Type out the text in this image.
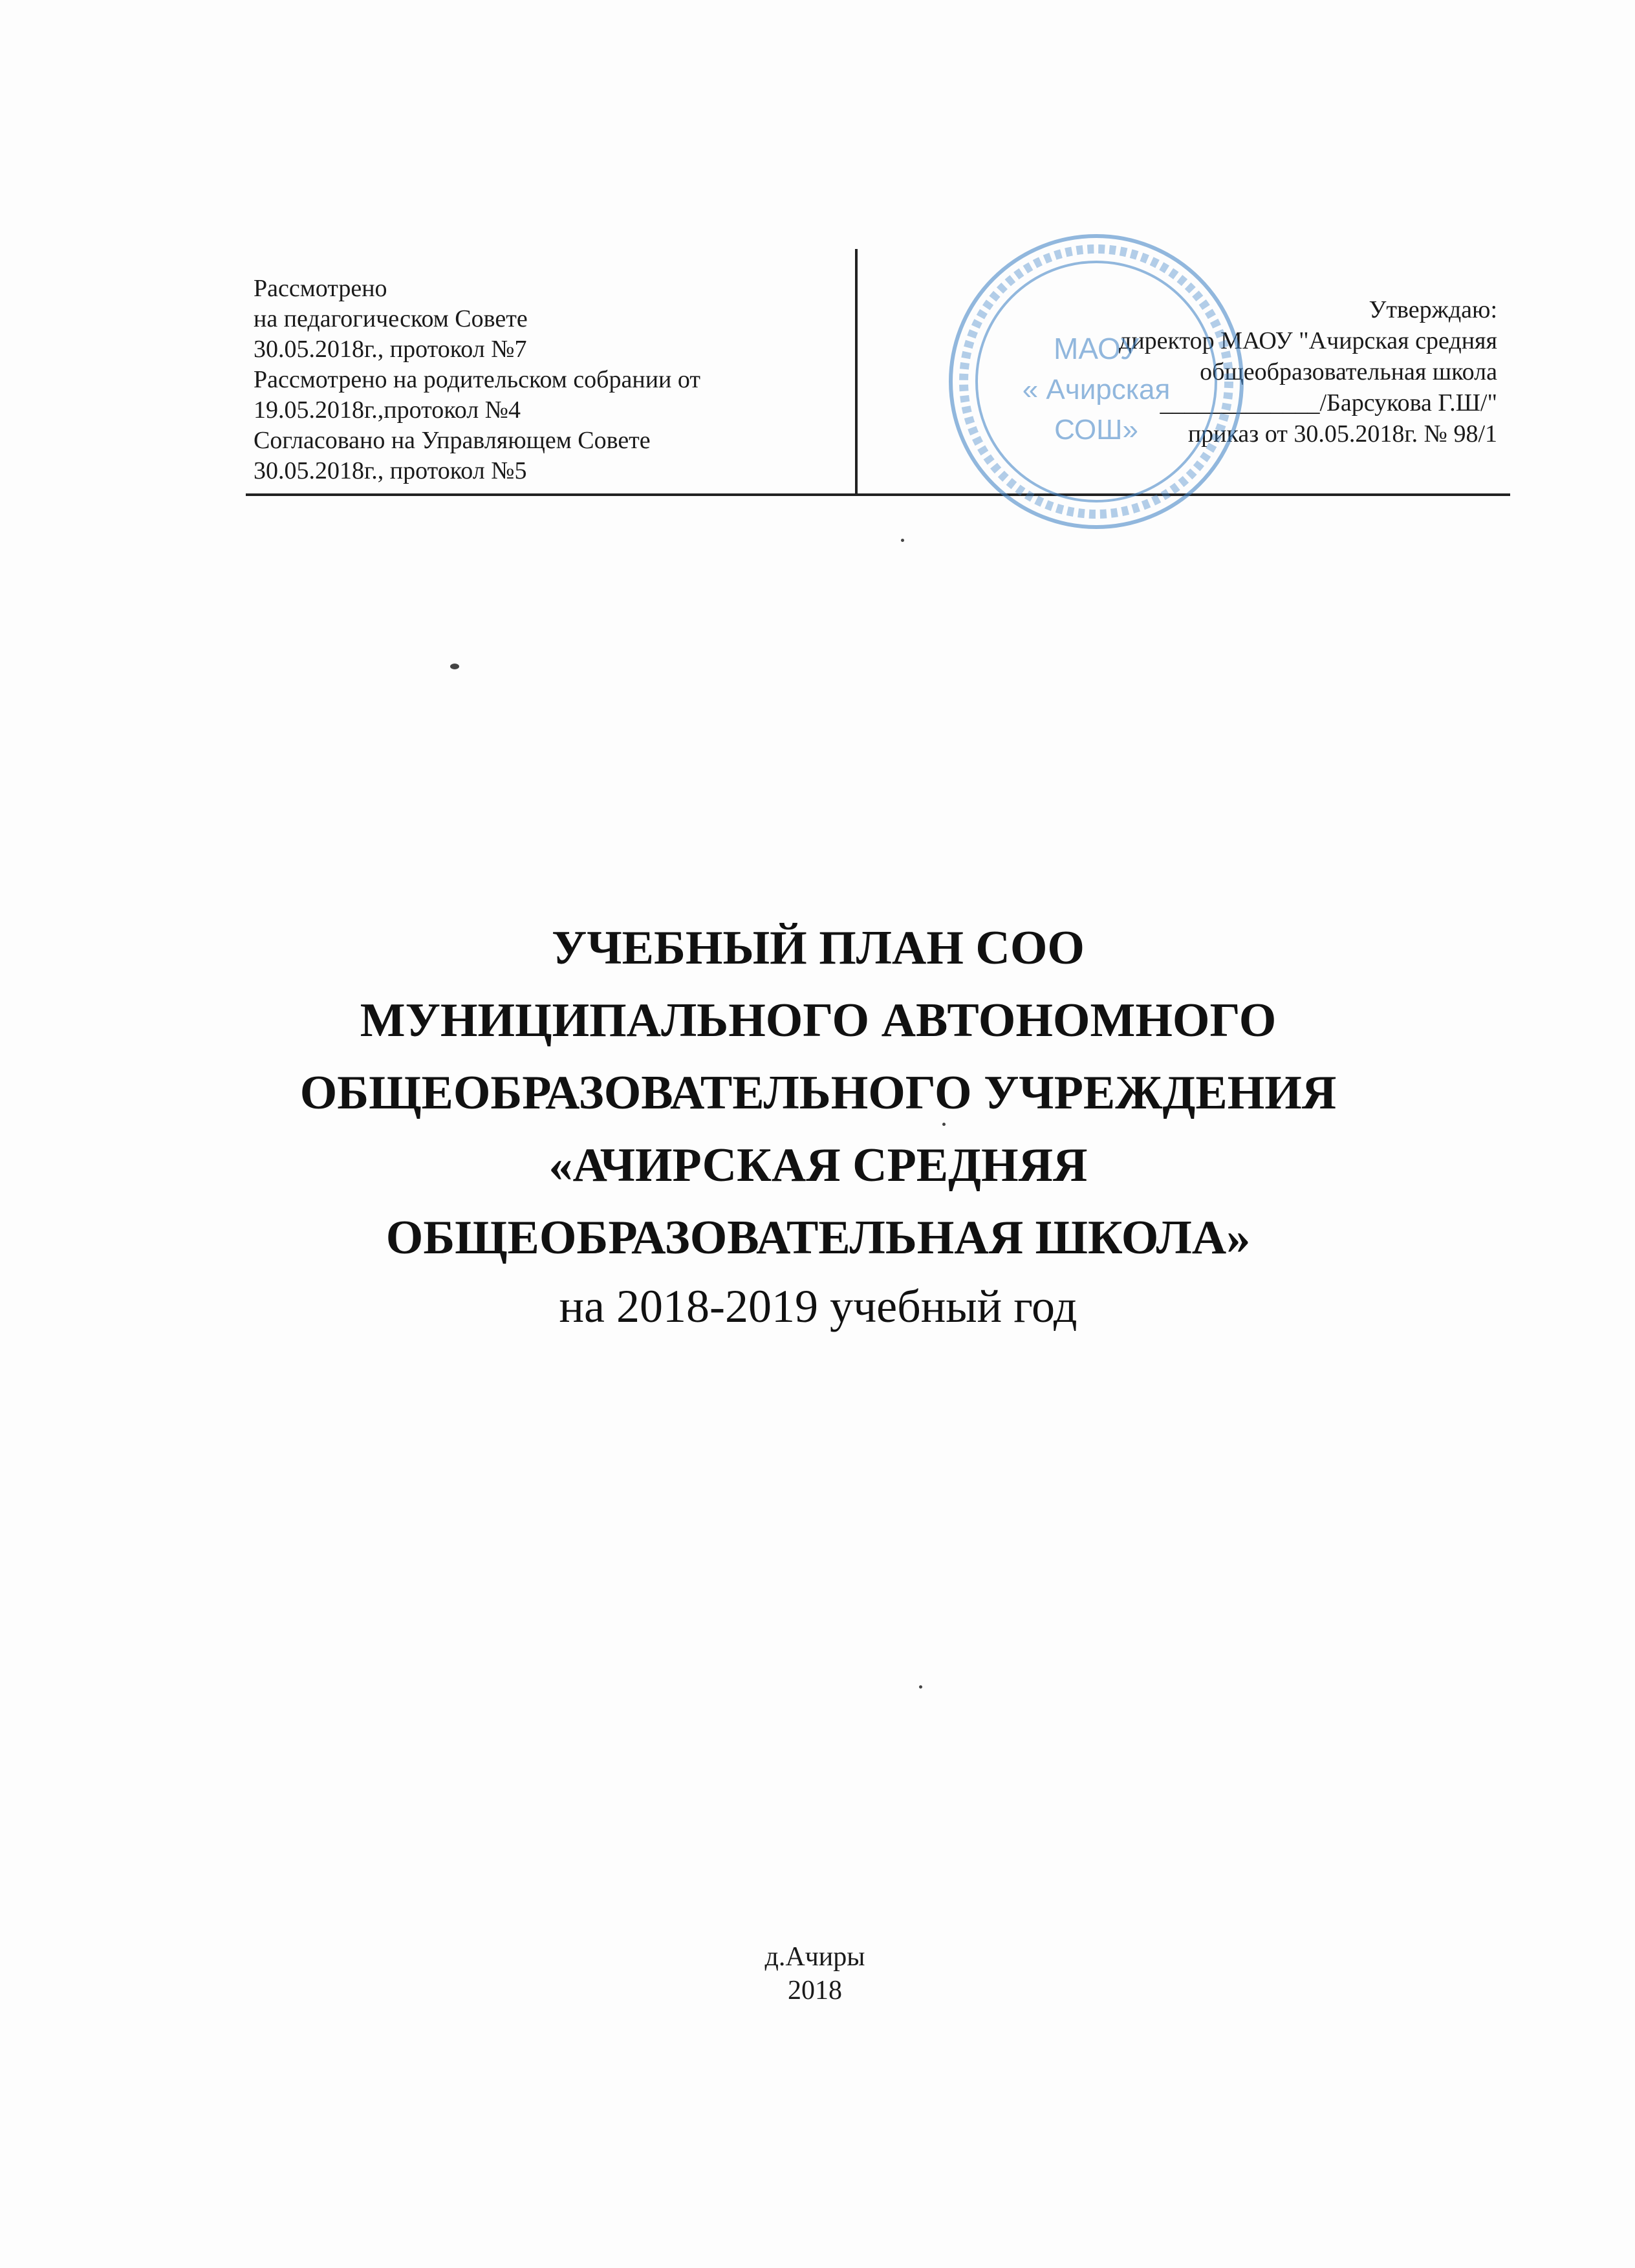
Рассмотрено
на педагогическом Совете
30.05.2018г., протокол №7
Рассмотрено на родительском собрании от
19.05.2018г.,протокол №4
Согласовано на Управляющем Совете
30.05.2018г., протокол №5
Утверждаю:
директор МАОУ "Ачирская средняя
общеобразовательная школа
_____________/Барсукова Г.Ш/"
приказ от 30.05.2018г. № 98/1
МАОУ
« Ачирская
СОШ»
УЧЕБНЫЙ ПЛАН СОО
МУНИЦИПАЛЬНОГО АВТОНОМНОГО
ОБЩЕОБРАЗОВАТЕЛЬНОГО УЧРЕЖДЕНИЯ
«АЧИРСКАЯ СРЕДНЯЯ
ОБЩЕОБРАЗОВАТЕЛЬНАЯ ШКОЛА»
на 2018-2019 учебный год
д.Ачиры
2018
